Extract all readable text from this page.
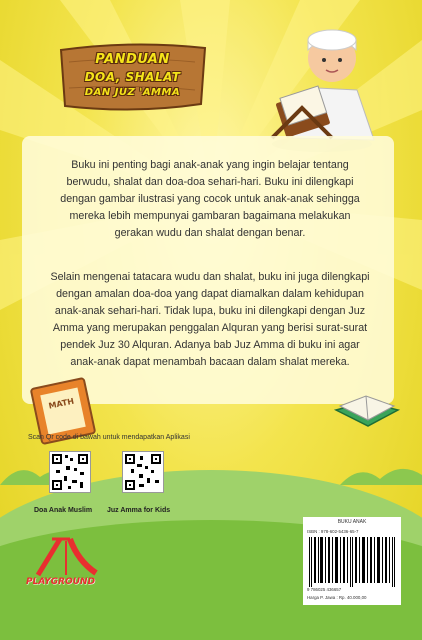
PANDUAN
DOA, SHALAT
DAN JUZ 'AMMA
Buku ini penting bagi anak-anak yang ingin belajar tentang berwudu, shalat dan doa-doa sehari-hari. Buku ini dilengkapi dengan gambar ilustrasi yang cocok untuk anak-anak sehingga mereka lebih mempunyai gambaran bagaimana melakukan gerakan wudu dan shalat dengan benar.
Selain mengenai tatacara wudu dan shalat, buku ini juga dilengkapi dengan amalan doa-doa yang dapat diamalkan dalam kehidupan anak-anak sehari-hari. Tidak lupa, buku ini dilengkapi dengan Juz Amma yang merupakan penggalan Alquran yang berisi surat-surat pendek Juz 30 Alquran. Adanya bab Juz Amma di buku ini agar anak-anak dapat menambah bacaan dalam shalat mereka.
MATH
Scan Qr code di bawah untuk mendapatkan Aplikasi
Doa Anak Muslim Juz Amma for Kids
BUKU ANAK
ISBN : 978-602-5436-65-7
9 786025 436657
Harga P. Jawa : Rp. 40.000,00
PLAYGROUND
